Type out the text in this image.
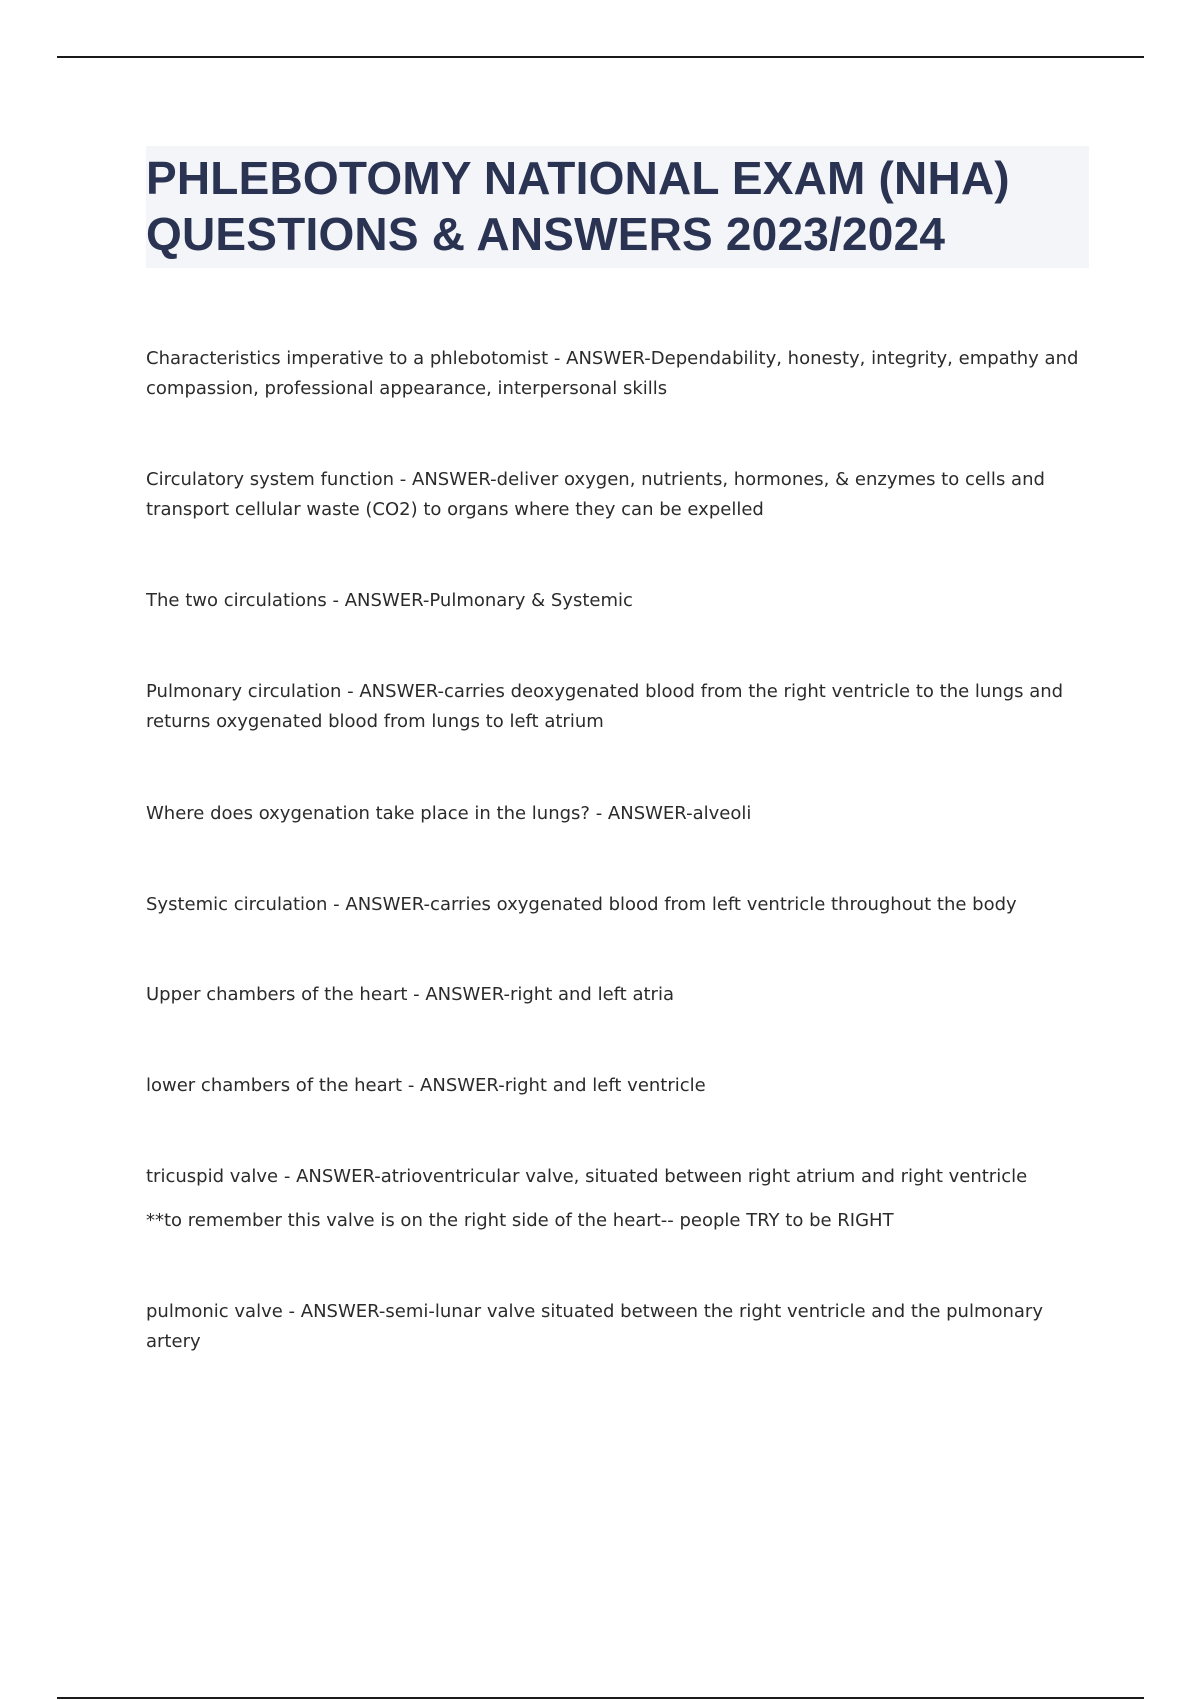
PHLEBOTOMY NATIONAL EXAM (NHA)
QUESTIONS & ANSWERS 2023/2024

Characteristics imperative to a phlebotomist - ANSWER-Dependability, honesty, integrity, empathy and compassion, professional appearance, interpersonal skills

Circulatory system function - ANSWER-deliver oxygen, nutrients, hormones, & enzymes to cells and transport cellular waste (CO2) to organs where they can be expelled

The two circulations - ANSWER-Pulmonary & Systemic

Pulmonary circulation - ANSWER-carries deoxygenated blood from the right ventricle to the lungs and returns oxygenated blood from lungs to left atrium

Where does oxygenation take place in the lungs? - ANSWER-alveoli

Systemic circulation - ANSWER-carries oxygenated blood from left ventricle throughout the body

Upper chambers of the heart - ANSWER-right and left atria

lower chambers of the heart - ANSWER-right and left ventricle

tricuspid valve - ANSWER-atrioventricular valve, situated between right atrium and right ventricle

**to remember this valve is on the right side of the heart-- people TRY to be RIGHT

pulmonic valve - ANSWER-semi-lunar valve situated between the right ventricle and the pulmonary artery
